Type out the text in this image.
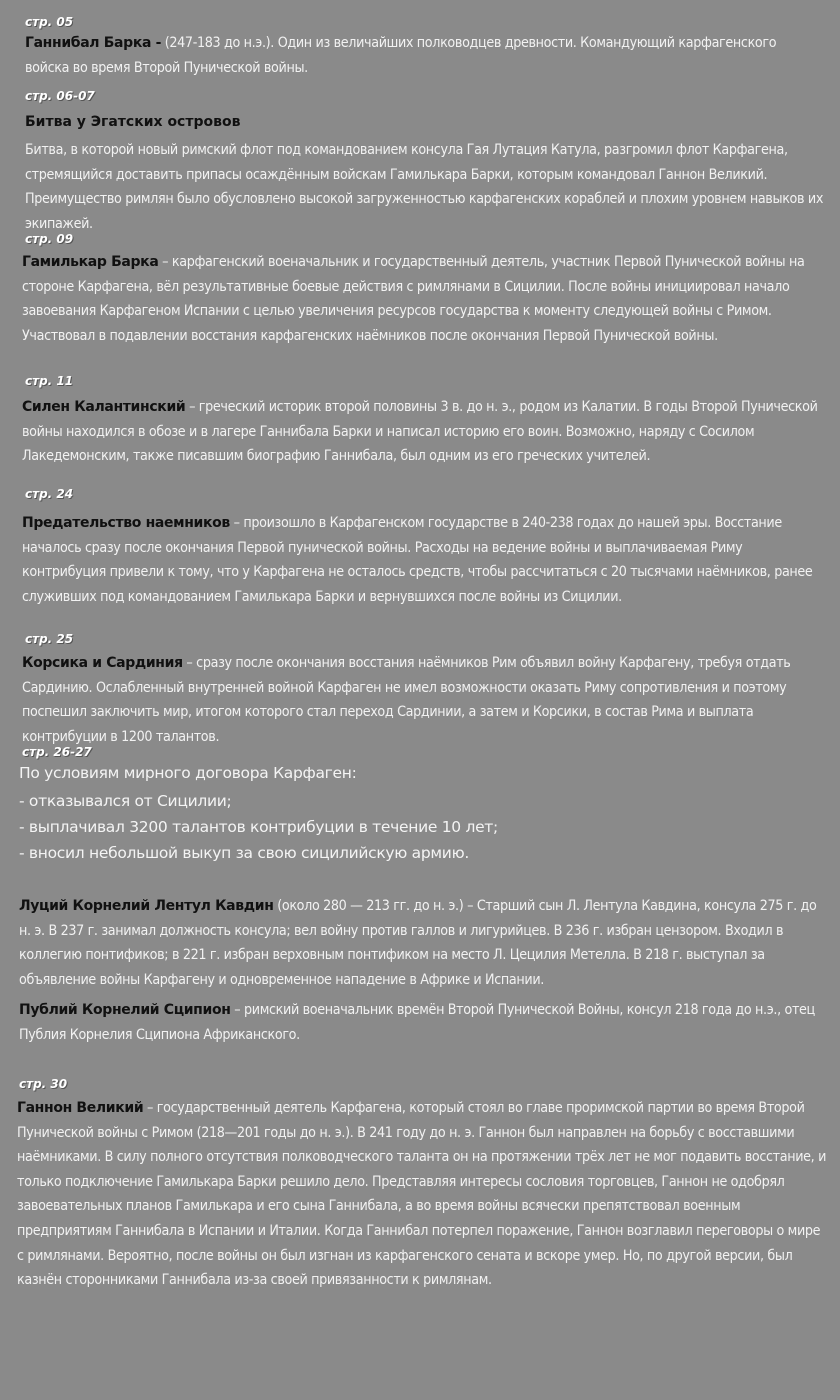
стр. 05
Ганнибал Барка - (247-183 до н.э.). Один из величайших полководцев древности. Командующий карфагенского войска во время Второй Пунической войны.
стр. 06-07
Битва у Эгатских островов
Битва, в которой новый римский флот под командованием консула Гая Лутация Катула, разгромил флот Карфагена, стремящийся доставить припасы осаждённым войскам Гамилькара Барки, которым командовал Ганнон Великий. Преимущество римлян было обусловлено высокой загруженностью карфагенских кораблей и плохим уровнем навыков их экипажей.
стр. 09
Гамилькар Барка – карфагенский военачальник и государственный деятель, участник Первой Пунической войны на стороне Карфагена, вёл результативные боевые действия с римлянами в Сицилии. После войны инициировал начало завоевания Карфагеном Испании с целью увеличения ресурсов государства к моменту следующей войны с Римом. Участвовал в подавлении восстания карфагенских наёмников после окончания Первой Пунической войны.
стр. 11
Силен Калантинский – греческий историк второй половины 3 в. до н. э., родом из Калатии. В годы Второй Пунической войны находился в обозе и в лагере Ганнибала Барки и написал историю его воин. Возможно, наряду с Сосилом Лакедемонским, также писавшим биографию Ганнибала, был одним из его греческих учителей.
стр. 24
Предательство наемников – произошло в Карфагенском государстве в 240-238 годах до нашей эры. Восстание началось сразу после окончания Первой пунической войны. Расходы на ведение войны и выплачиваемая Риму контрибуция привели к тому, что у Карфагена не осталось средств, чтобы рассчитаться с 20 тысячами наёмников, ранее служивших под командованием Гамилькара Барки и вернувшихся после войны из Сицилии.
стр. 25
Корсика и Сардиния – сразу после окончания восстания наёмников Рим объявил войну Карфагену, требуя отдать Сардинию. Ослабленный внутренней войной Карфаген не имел возможности оказать Риму сопротивления и поэтому поспешил заключить мир, итогом которого стал переход Сардинии, а затем и Корсики, в состав Рима и выплата контрибуции в 1200 талантов.
стр. 26-27
По условиям мирного договора Карфаген:
- отказывался от Сицилии;
- выплачивал 3200 талантов контрибуции в течение 10 лет;
- вносил небольшой выкуп за свою сицилийскую армию.
Луций Корнелий Лентул Кавдин (около 280 — 213 гг. до н. э.) – Старший сын Л. Лентула Кавдина, консула 275 г. до н. э. В 237 г. занимал должность консула; вел войну против галлов и лигурийцев. В 236 г. избран цензором. Входил в коллегию понтификов; в 221 г. избран верховным понтификом на место Л. Цецилия Метелла. В 218 г. выступал за объявление войны Карфагену и одновременное нападение в Африке и Испании.
Публий Корнелий Сципион – римский военачальник времён Второй Пунической Войны, консул 218 года до н.э., отец Публия Корнелия Сципиона Африканского.
стр. 30
Ганнон Великий – государственный деятель Карфагена, который стоял во главе проримской партии во время Второй Пунической войны с Римом (218—201 годы до н. э.). В 241 году до н. э. Ганнон был направлен на борьбу с восставшими наёмниками. В силу полного отсутствия полководческого таланта он на протяжении трёх лет не мог подавить восстание, и только подключение Гамилькара Барки решило дело. Представляя интересы сословия торговцев, Ганнон не одобрял завоевательных планов Гамилькара и его сына Ганнибала, а во время войны всячески препятствовал военным предприятиям Ганнибала в Испании и Италии. Когда Ганнибал потерпел поражение, Ганнон возглавил переговоры о мире с римлянами. Вероятно, после войны он был изгнан из карфагенского сената и вскоре умер. Но, по другой версии, был казнён сторонниками Ганнибала из-за своей привязанности к римлянам.
